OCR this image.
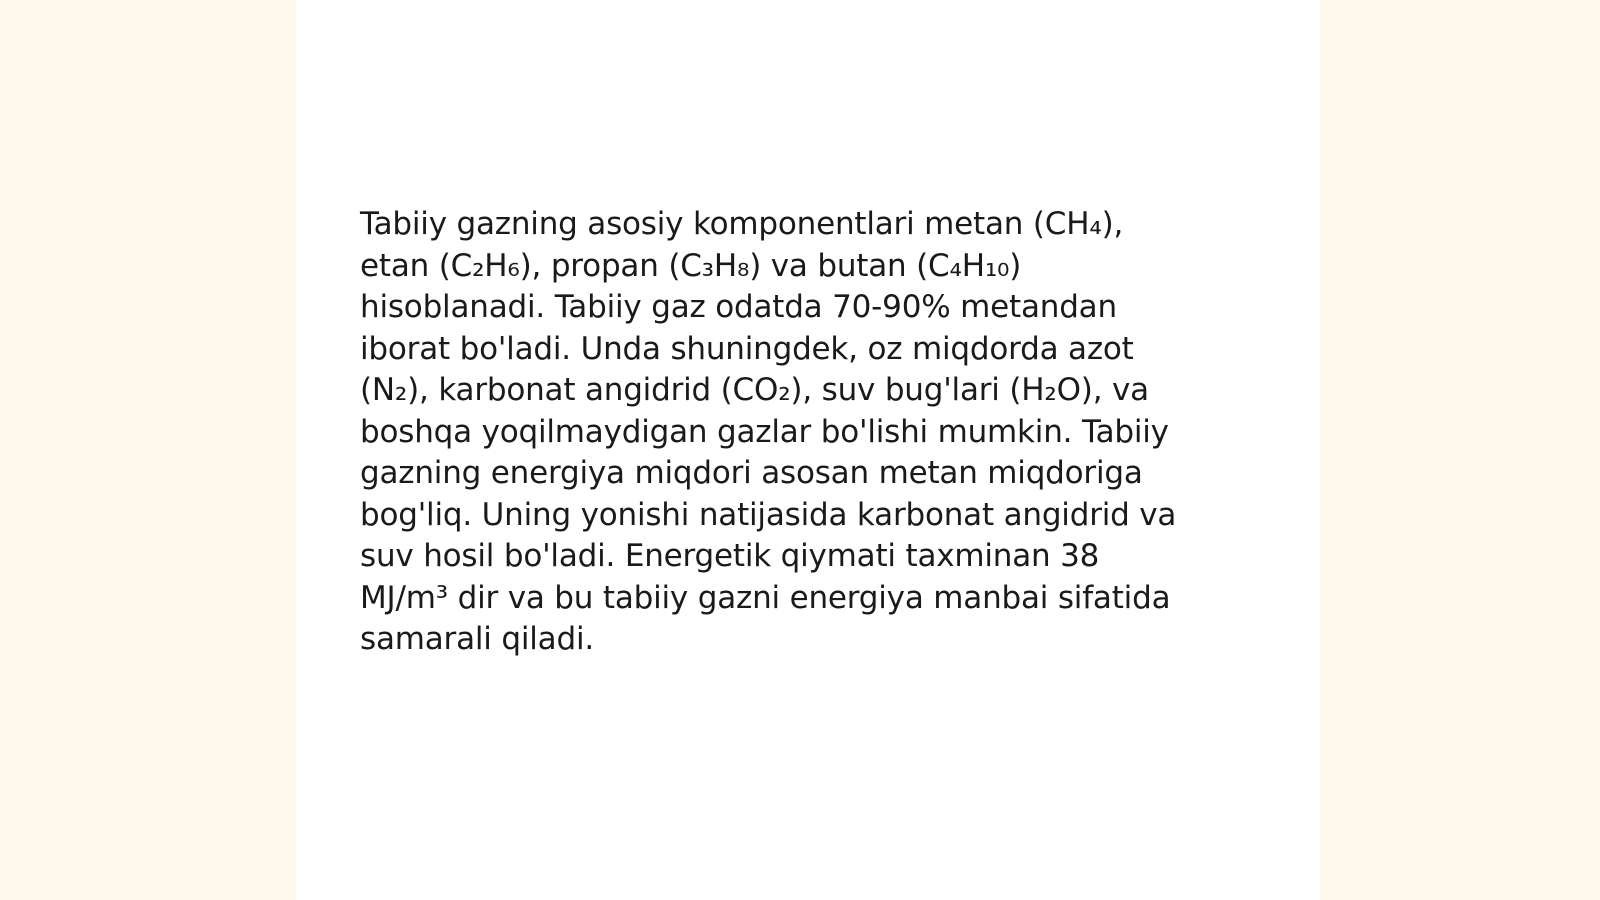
Tabiiy gazning asosiy komponentlari metan (CH₄),
etan (C₂H₆), propan (C₃H₈) va butan (C₄H₁₀)
hisoblanadi. Tabiiy gaz odatda 70-90% metandan
iborat bo'ladi. Unda shuningdek, oz miqdorda azot
(N₂), karbonat angidrid (CO₂), suv bug'lari (H₂O), va
boshqa yoqilmaydigan gazlar bo'lishi mumkin. Tabiiy
gazning energiya miqdori asosan metan miqdoriga
bog'liq. Uning yonishi natijasida karbonat angidrid va
suv hosil bo'ladi. Energetik qiymati taxminan 38
MJ/m³ dir va bu tabiiy gazni energiya manbai sifatida
samarali qiladi.
